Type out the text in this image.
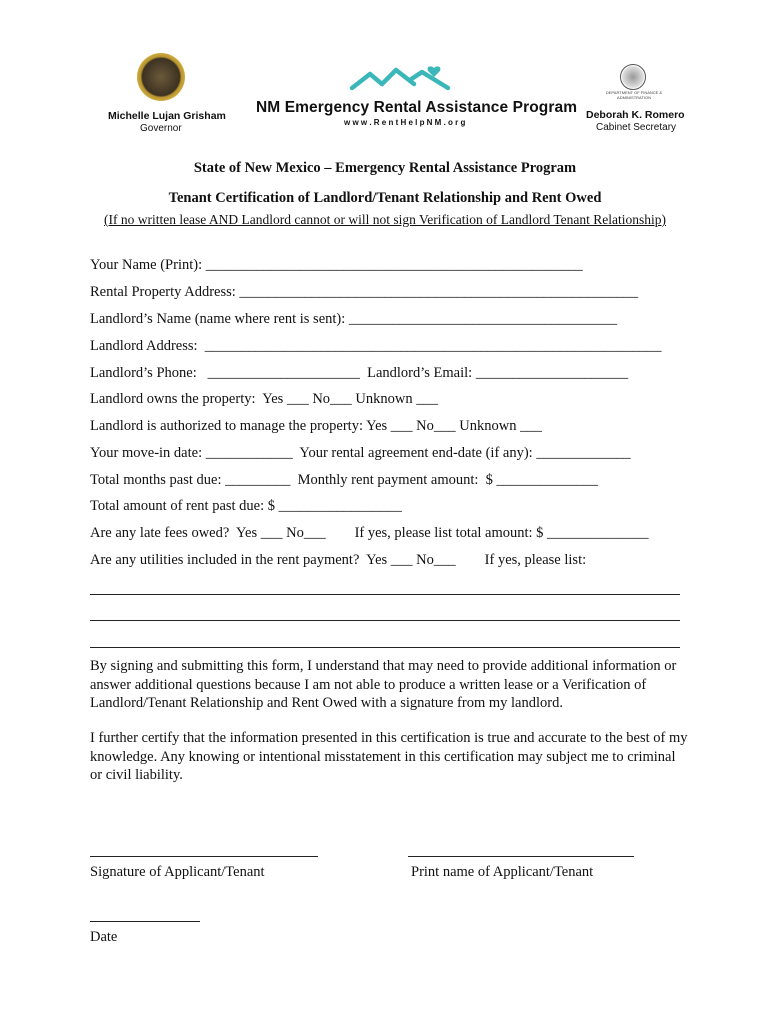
Michelle Lujan Grisham
Governor
NM Emergency Rental Assistance Program
w w w . R e n t H e l p N M . o r g
DEPARTMENT OF FINANCE & ADMINISTRATION
Deborah K. Romero
Cabinet Secretary
State of New Mexico – Emergency Rental Assistance Program
Tenant Certification of Landlord/Tenant Relationship and Rent Owed
(If no written lease AND Landlord cannot or will not sign Verification of Landlord Tenant Relationship)
Your Name (Print): ____________________________________________________
Rental Property Address: _______________________________________________________
Landlord’s Name (name where rent is sent): _____________________________________
Landlord Address:  _______________________________________________________________
Landlord’s Phone:   _____________________  Landlord’s Email: _____________________
Landlord owns the property:  Yes ___ No___ Unknown ___
Landlord is authorized to manage the property: Yes ___ No___ Unknown ___
Your move-in date: ____________  Your rental agreement end-date (if any): _____________
Total months past due: _________  Monthly rent payment amount:  $ ______________
Total amount of rent past due: $ _________________
Are any late fees owed?  Yes ___ No___        If yes, please list total amount: $ ______________
Are any utilities included in the rent payment?  Yes ___ No___        If yes, please list:
By signing and submitting this form, I understand that may need to provide additional information or answer additional questions because I am not able to produce a written lease or a Verification of Landlord/Tenant Relationship and Rent Owed with a signature from my landlord.
I further certify that the information presented in this certification is true and accurate to the best of my knowledge. Any knowing or intentional misstatement in this certification may subject me to criminal or civil liability.
Signature of Applicant/Tenant	Print name of Applicant/Tenant
Date
